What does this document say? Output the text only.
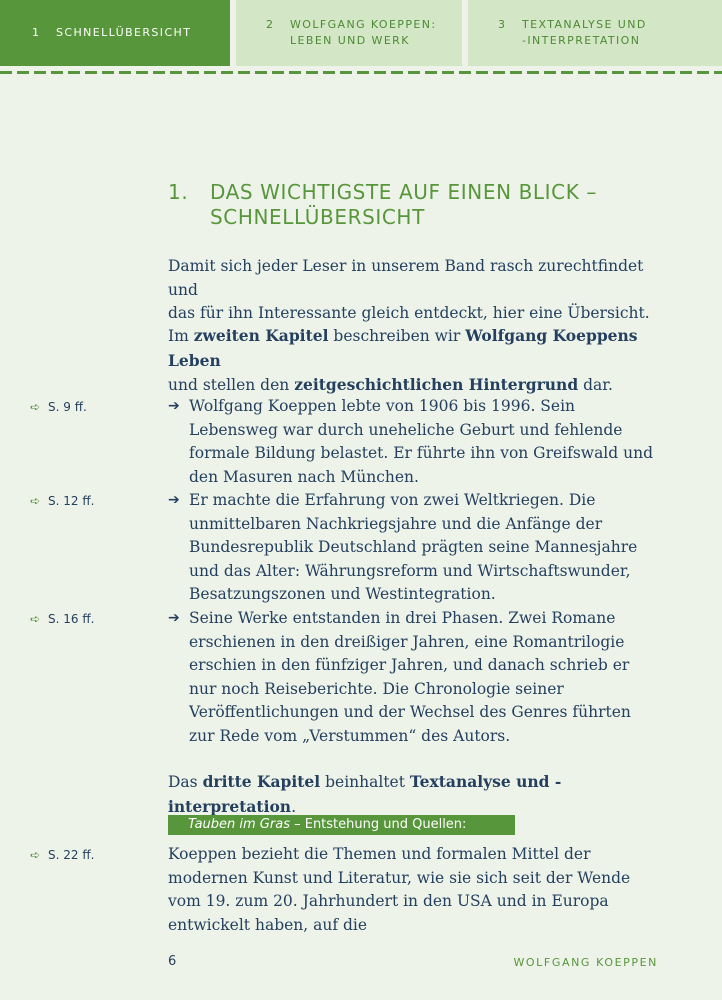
1	SCHNELLÜBERSICHT
2	WOLFGANG KOEPPEN:
LEBEN UND WERK
3	TEXTANALYSE UND
-INTERPRETATION
1. DAS WICHTIGSTE AUF EINEN BLICK –
SCHNELLÜBERSICHT

Damit sich jeder Leser in unserem Band rasch zurechtfindet und
das für ihn Interessante gleich entdeckt, hier eine Übersicht.

Im zweiten Kapitel beschreiben wir Wolfgang Koeppens Leben
und stellen den zeitgeschichtlichen Hintergrund dar.

➪ S. 9 ff.	➔ Wolfgang Koeppen lebte von 1906 bis 1996. Sein Lebensweg war durch uneheliche Geburt und fehlende formale Bildung belastet. Er führte ihn von Greifswald und den Masuren nach München.
➪ S. 12 ff.	➔ Er machte die Erfahrung von zwei Weltkriegen. Die unmittelbaren Nachkriegsjahre und die Anfänge der Bundesrepublik Deutschland prägten seine Mannesjahre und das Alter: Währungsreform und Wirtschaftswunder, Besatzungszonen und Westintegration.
➪ S. 16 ff.	➔ Seine Werke entstanden in drei Phasen. Zwei Romane erschienen in den dreißiger Jahren, eine Romantrilogie erschien in den fünfziger Jahren, und danach schrieb er nur noch Reiseberichte. Die Chronologie seiner Veröffentlichungen und der Wechsel des Genres führten zur Rede vom „Verstummen“ des Autors.

Das dritte Kapitel beinhaltet Textanalyse und -interpretation.

Tauben im Gras – Entstehung und Quellen:
➪ S. 22 ff.	Koeppen bezieht die Themen und formalen Mittel der modernen Kunst und Literatur, wie sie sich seit der Wende vom 19. zum 20. Jahrhundert in den USA und in Europa entwickelt haben, auf die

6	WOLFGANG KOEPPEN
